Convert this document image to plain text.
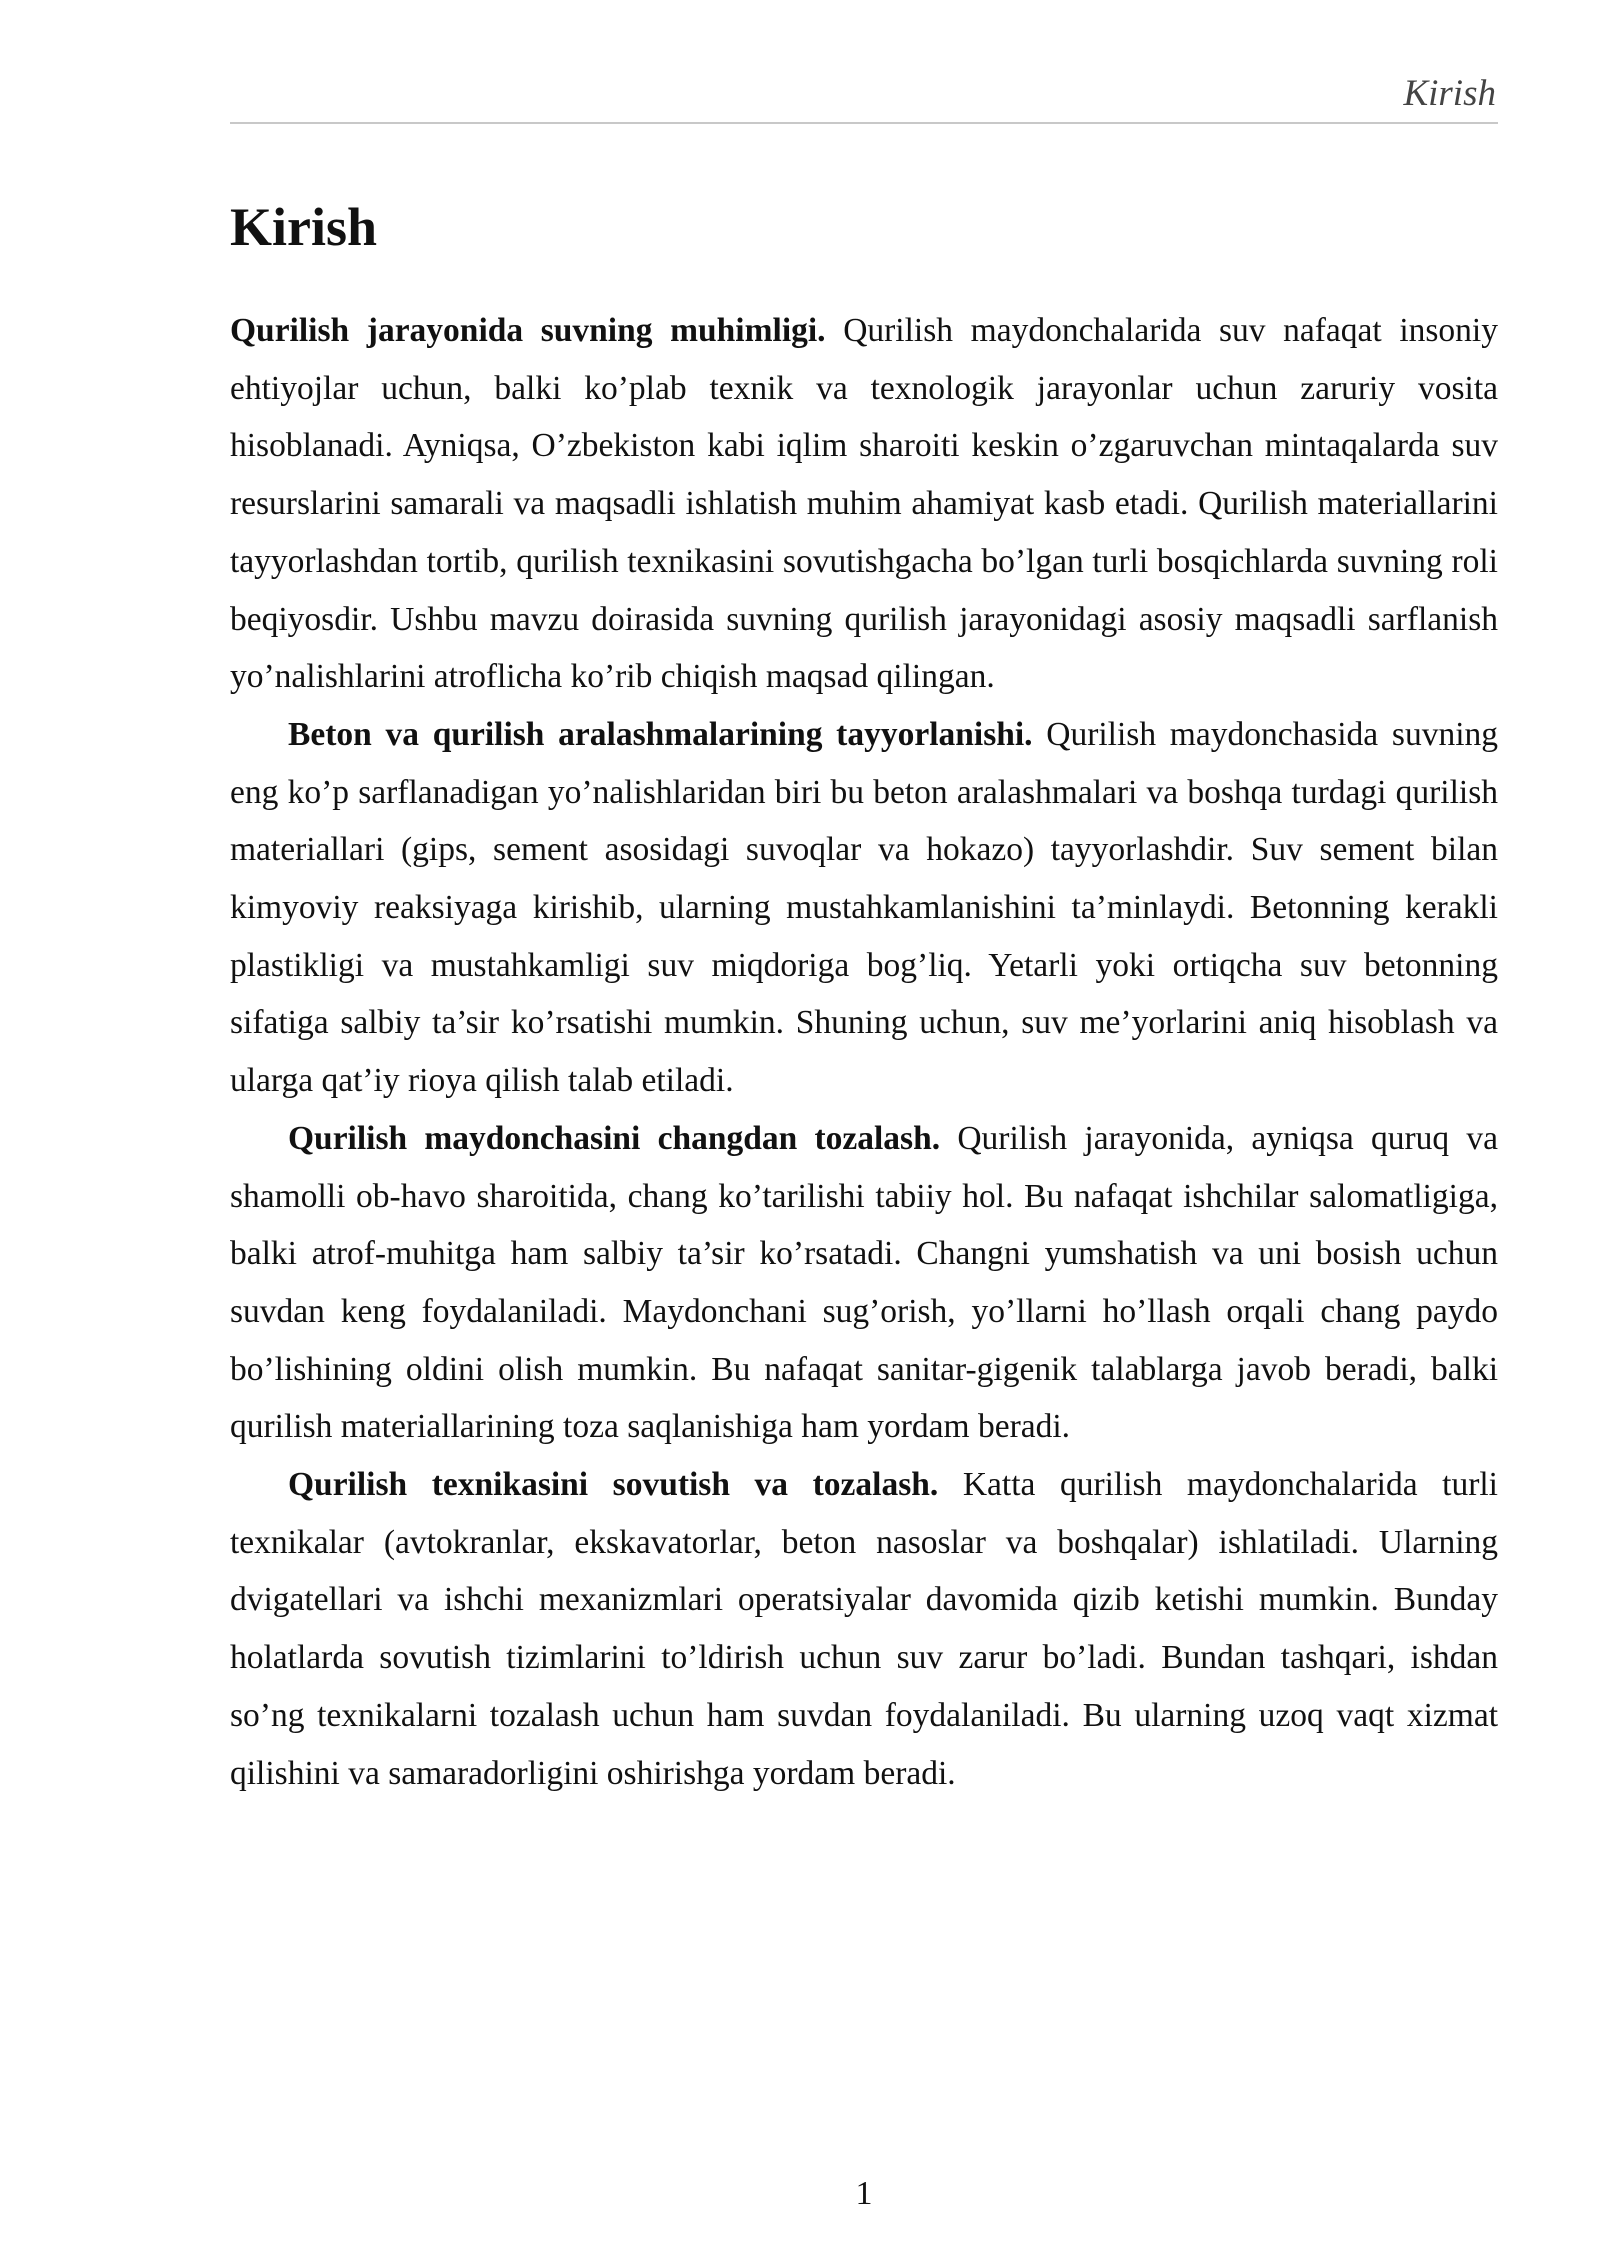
Kirish
Kirish

Qurilish jarayonida suvning muhimligi. Qurilish maydonchalarida suv nafaqat insoniy ehtiyojlar uchun, balki ko’plab texnik va texnologik jarayonlar uchun zaruriy vosita hisoblanadi. Ayniqsa, O’zbekiston kabi iqlim sharoiti keskin o’zgaruvchan mintaqalarda suv resurslarini samarali va maqsadli ishlatish muhim ahamiyat kasb etadi. Qurilish materiallarini tayyorlashdan tortib, qurilish texnikasini sovutishgacha bo’lgan turli bosqichlarda suvning roli beqiyosdir. Ushbu mavzu doirasida suvning qurilish jarayonidagi asosiy maqsadli sarflanish yo’nalishlarini atroflicha ko’rib chiqish maqsad qilingan.

Beton va qurilish aralashmalarining tayyorlanishi. Qurilish maydonchasida suvning eng ko’p sarflanadigan yo’nalishlaridan biri bu beton aralashmalari va boshqa turdagi qurilish materiallari (gips, sement asosidagi suvoqlar va hokazo) tayyorlashdir. Suv sement bilan kimyoviy reaksiyaga kirishib, ularning mustahkamlanishini ta’minlaydi. Betonning kerakli plastikligi va mustahkamligi suv miqdoriga bog’liq. Yetarli yoki ortiqcha suv betonning sifatiga salbiy ta’sir ko’rsatishi mumkin. Shuning uchun, suv me’yorlarini aniq hisoblash va ularga qat’iy rioya qilish talab etiladi.

Qurilish maydonchasini changdan tozalash. Qurilish jarayonida, ayniqsa quruq va shamolli ob-havo sharoitida, chang ko’tarilishi tabiiy hol. Bu nafaqat ishchilar salomatligiga, balki atrof-muhitga ham salbiy ta’sir ko’rsatadi. Changni yumshatish va uni bosish uchun suvdan keng foydalaniladi. Maydonchani sug’orish, yo’llarni ho’llash orqali chang paydo bo’lishining oldini olish mumkin. Bu nafaqat sanitar-gigenik talablarga javob beradi, balki qurilish materiallarining toza saqlanishiga ham yordam beradi.

Qurilish texnikasini sovutish va tozalash. Katta qurilish maydonchalarida turli texnikalar (avtokranlar, ekskavatorlar, beton nasoslar va boshqalar) ishlatiladi. Ularning dvigatellari va ishchi mexanizmlari operatsiyalar davomida qizib ketishi mumkin. Bunday holatlarda sovutish tizimlarini to’ldirish uchun suv zarur bo’ladi. Bundan tashqari, ishdan so’ng texnikalarni tozalash uchun ham suvdan foydalaniladi. Bu ularning uzoq vaqt xizmat qilishini va samaradorligini oshirishga yordam beradi.

1
